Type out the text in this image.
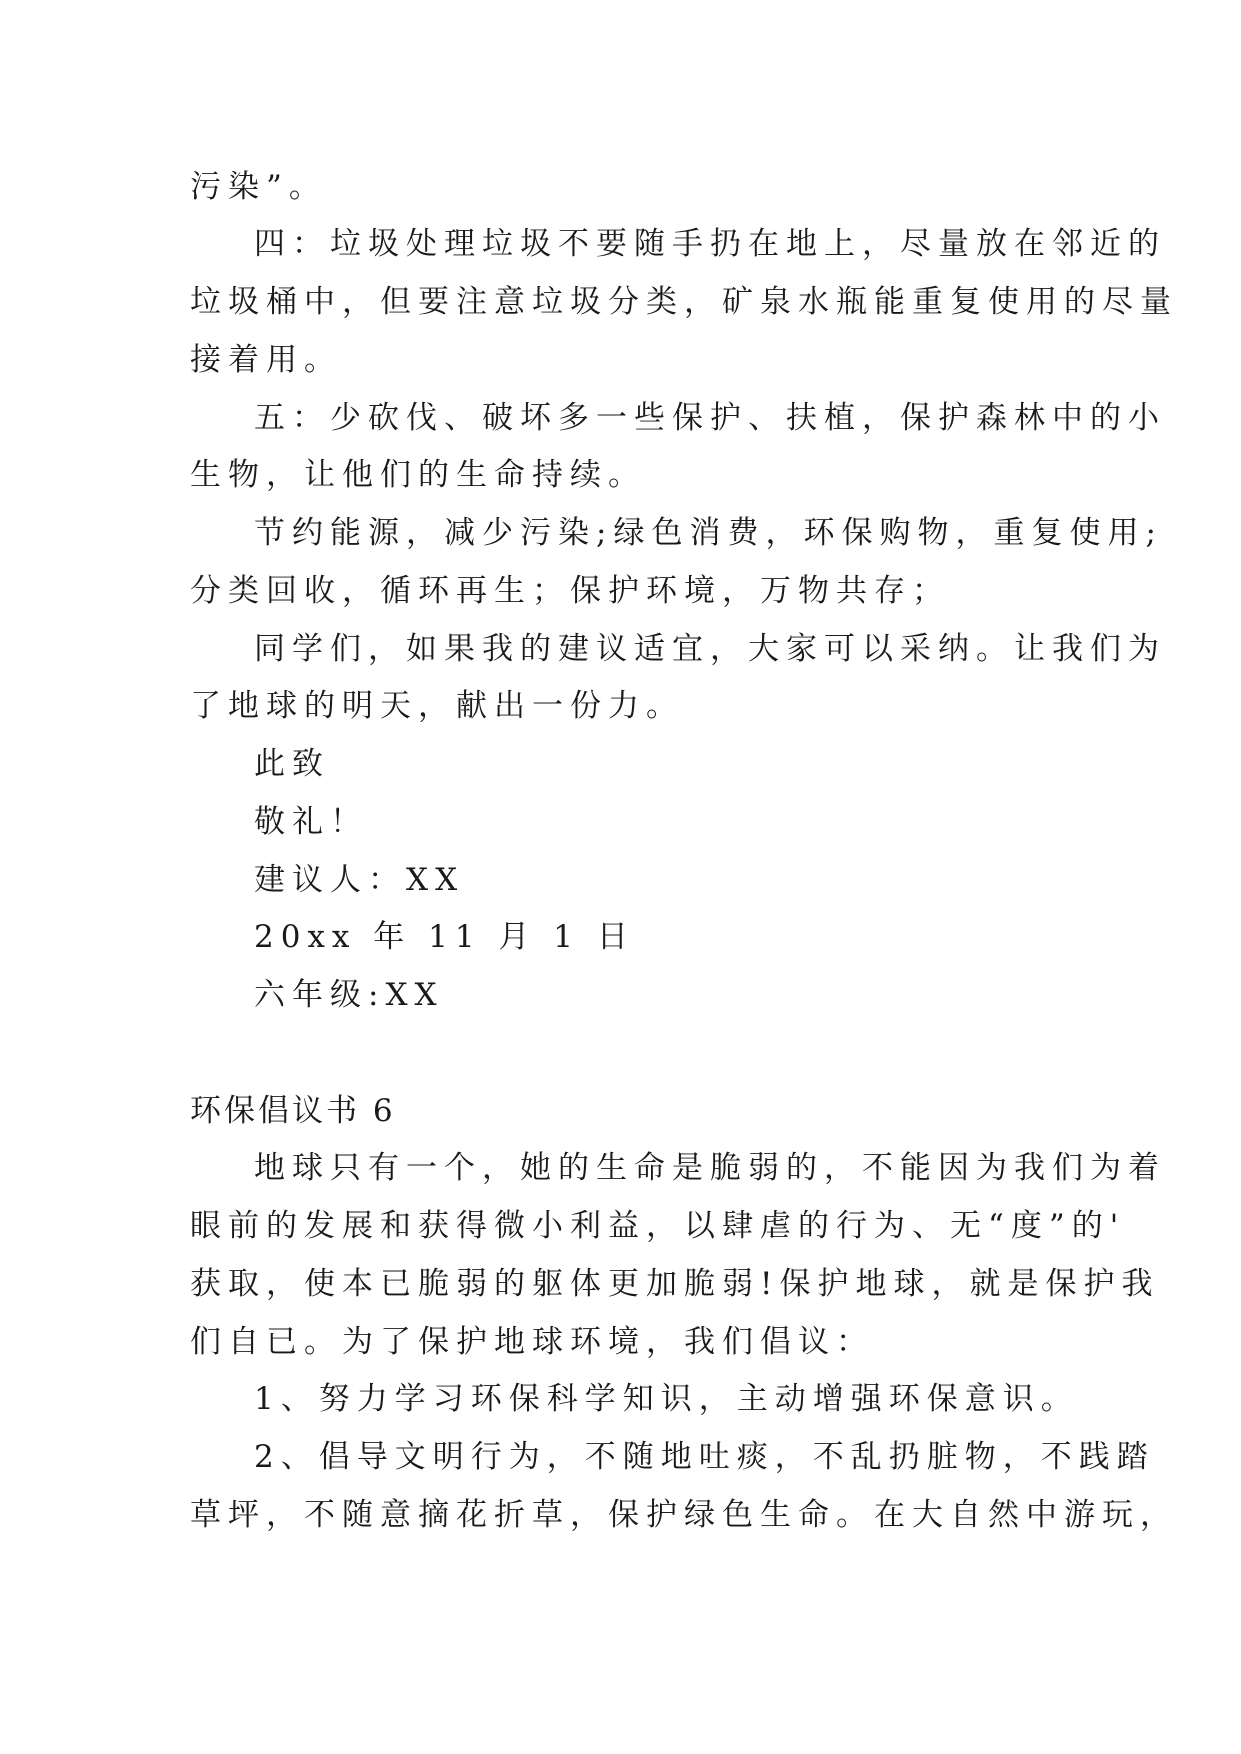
污染”。
四：垃圾处理垃圾不要随手扔在地上，尽量放在邻近的
垃圾桶中，但要注意垃圾分类，矿泉水瓶能重复使用的尽量
接着用。
五：少砍伐、破坏多一些保护、扶植，保护森林中的小
生物，让他们的生命持续。
节约能源，减少污染;绿色消费，环保购物，重复使用;
分类回收，循环再生；保护环境，万物共存；
同学们，如果我的建议适宜，大家可以采纳。让我们为
了地球的明天，献出一份力。
此致
敬礼！
建议人：XX
20xx 年 11 月 1 日
六年级:XX
环保倡议书 6
地球只有一个，她的生命是脆弱的，不能因为我们为着
眼前的发展和获得微小利益，以肆虐的行为、无“度”的'
获取，使本已脆弱的躯体更加脆弱!保护地球，就是保护我
们自已。为了保护地球环境，我们倡议：
1、努力学习环保科学知识，主动增强环保意识。
2、倡导文明行为，不随地吐痰，不乱扔脏物，不践踏
草坪，不随意摘花折草，保护绿色生命。在大自然中游玩，
